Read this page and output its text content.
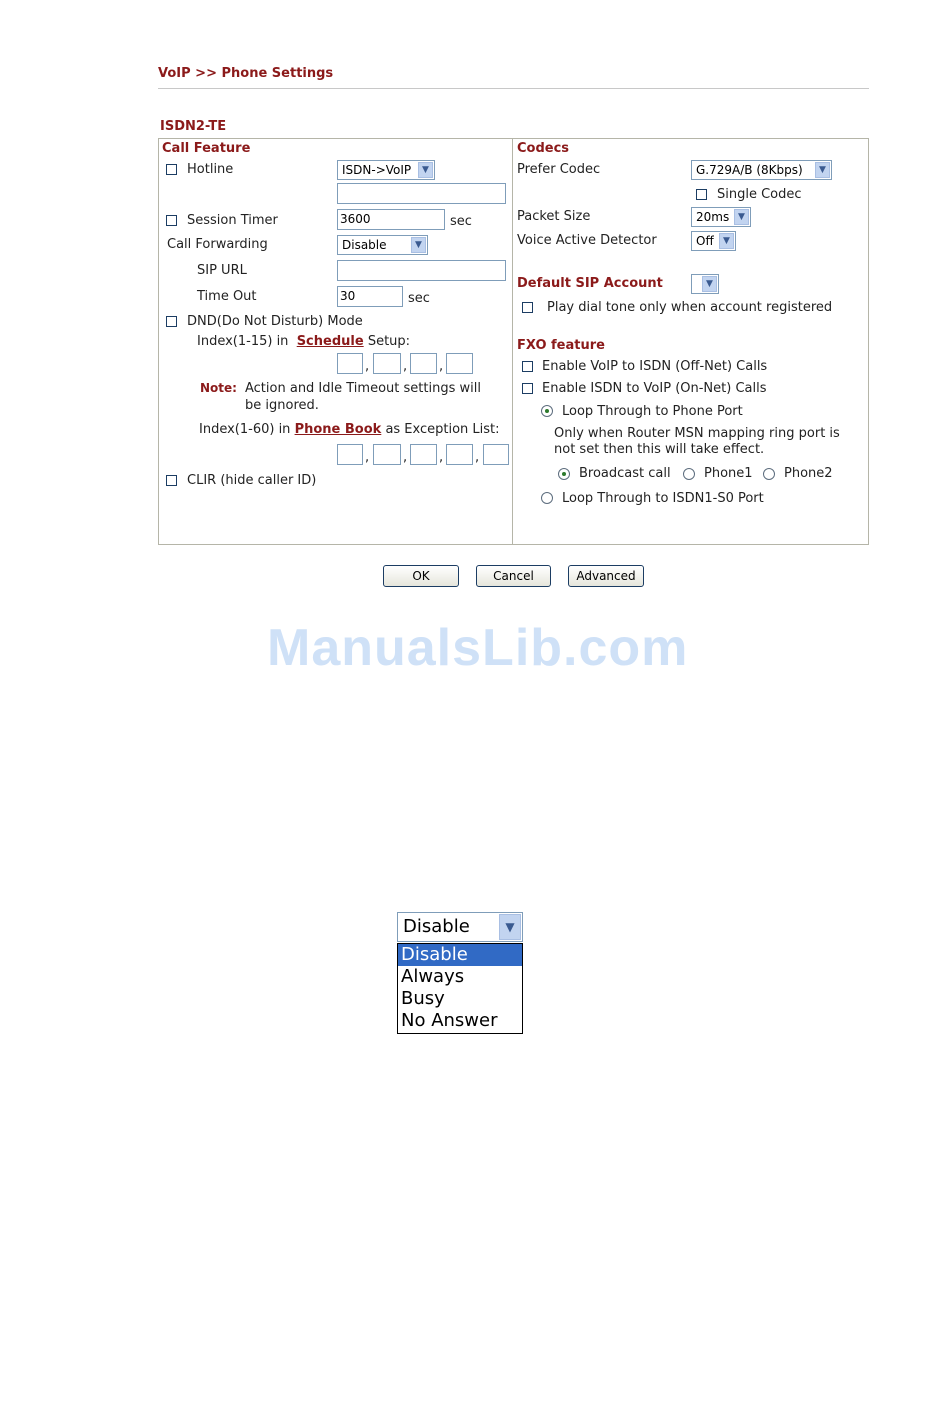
VoIP >> Phone Settings
ISDN2-TE
Call Feature
Hotline	ISDN->VoIP	▼
Session Timer	3600	sec
Call Forwarding	Disable	▼
SIP URL
Time Out	30	sec
DND(Do Not Disturb) Mode
Index(1-15) in Schedule Setup:
,	, ,
Note: Action and Idle Timeout settings will
be ignored.
Index(1-60) in Phone Book as Exception List:
,	, , ,
CLIR (hide caller ID)
Codecs
Prefer Codec	G.729A/B (8Kbps)	▼
Single Codec
Packet Size	20ms ▼
Voice Active Detector	Off	▼
Default SIP Account	▼
Play dial tone only when account registered
FXO feature
Enable VoIP to ISDN (Off-Net) Calls
Enable ISDN to VoIP (On-Net) Calls
Loop Through to Phone Port
Only when Router MSN mapping ring port is
not set then this will take effect.
Broadcast call	Phone1 Phone2
Loop Through to ISDN1-S0 Port
OK	Cancel	Advanced
ManualsLib.com
Disable	▼
Disable
Always
Busy
No Answer
